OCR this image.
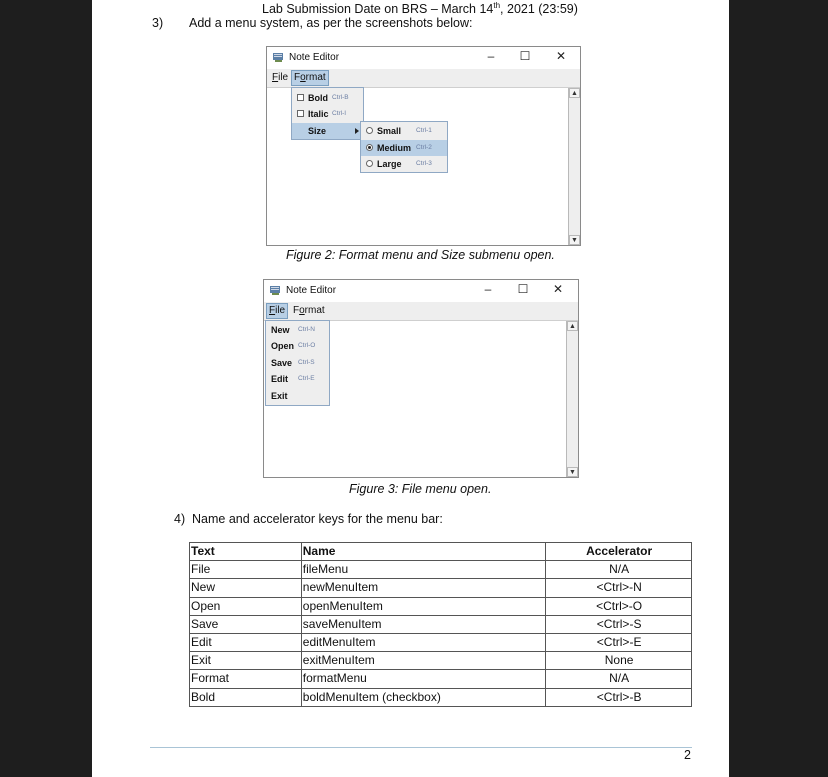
Lab Submission Date on BRS – March 14th, 2021 (23:59)
3) Add a menu system, as per the screenshots below:
Note Editor	–	☐	✕
File Format
▲
▼
Bold Ctrl-B
Italic Ctrl-I
Size	Small Ctrl-1
Medium Ctrl-2
Large Ctrl-3
Figure 2: Format menu and Size submenu open.
Note Editor	–	☐	✕
File Format
▲
▼
New Ctrl-N
Open Ctrl-O
Save Ctrl-S
Edit Ctrl-E
Exit
Figure 3: File menu open.
4) Name and accelerator keys for the menu bar:
Text	Name	Accelerator
File	fileMenu	N/A
New	newMenuItem	<Ctrl>-N
Open	openMenuItem	<Ctrl>-O
Save	saveMenuItem	<Ctrl>-S
Edit	editMenuItem	<Ctrl>-E
Exit	exitMenuItem	None
Format	formatMenu	N/A
Bold	boldMenuItem (checkbox)	<Ctrl>-B
2
